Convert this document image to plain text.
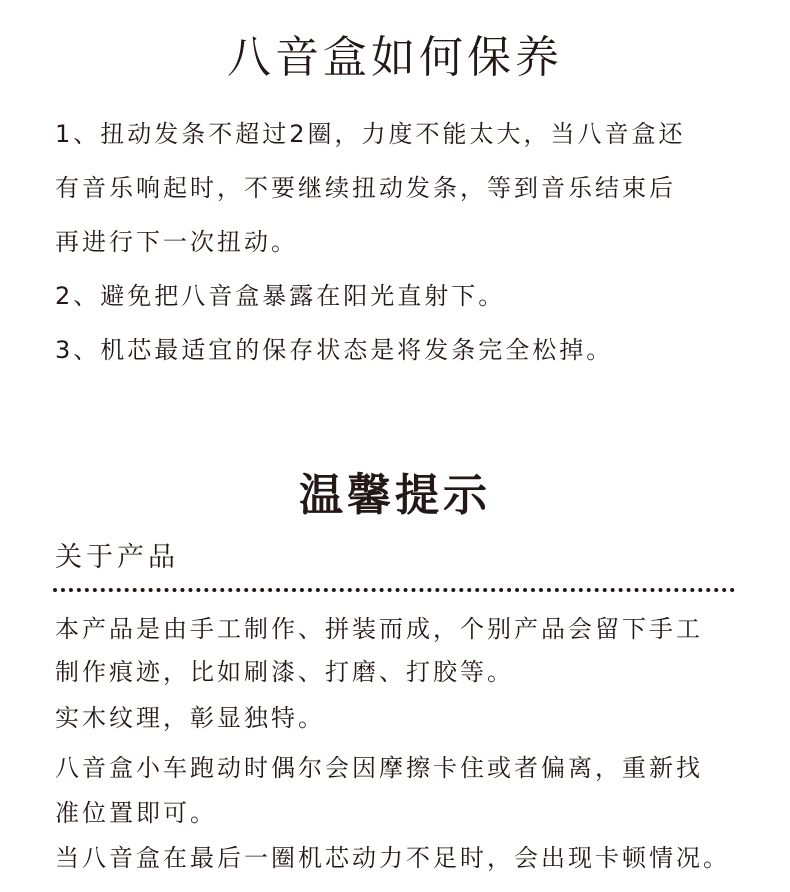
八音盒如何保养

1、扭动发条不超过2圈，力度不能太大，当八音盒还

有音乐响起时，不要继续扭动发条，等到音乐结束后

再进行下一次扭动。

2、避免把八音盒暴露在阳光直射下。

3、机芯最适宜的保存状态是将发条完全松掉。

温馨提示
关于产品

本产品是由手工制作、拼装而成，个别产品会留下手工

制作痕迹，比如刷漆、打磨、打胶等。

实木纹理，彰显独特。

八音盒小车跑动时偶尔会因摩擦卡住或者偏离，重新找

准位置即可。

当八音盒在最后一圈机芯动力不足时，会出现卡顿情况。
